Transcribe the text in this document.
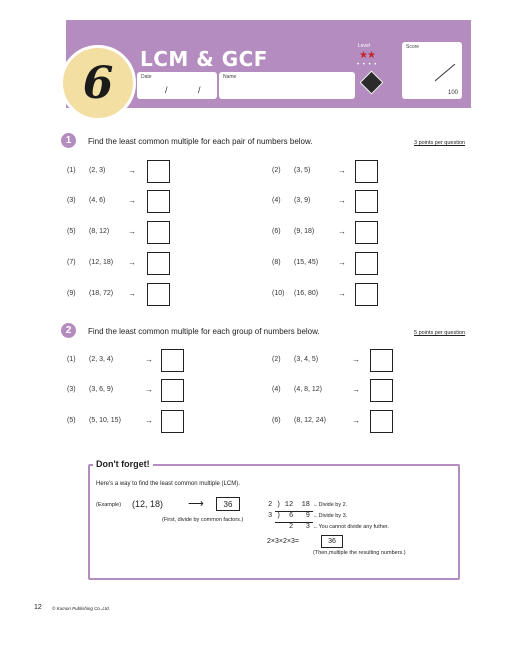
6 LCM & GCF
Date
/ /
Name
Level
★★
• • • •
Score
100
1	Find the least common multiple for each pair of numbers below.	3 points per question
(1) (2, 3)	→	(2) (3, 5)	→
(3) (4, 6)	→	(4) (3, 9)	→
(5) (8, 12) →	(6) (9, 18)	→
(7) (12, 18) →	(8) (15, 45) →
(9) (18, 72) →	(10) (16, 80) →
2	Find the least common multiple for each group of numbers below.	5 points per question
(1) (2, 3, 4)	→	(2) (3, 4, 5)	→
(3) (3, 6, 9)	→	(4) (4, 8, 12)	→
(5) (5, 10, 15)	→	(6) (8, 12, 24)	→
Don't forget!
Here's a way to find the least common multiple (LCM).
(Example) (12, 18) ⟶	36
(First, divide by common factors.)
2 ) 12  18
3 )  6   9
2   3
←Divide by 2.
←Divide by 3.
←You cannot divide any futher.
2×3×2×3=	36
(Then,multiple the resulting numbers.)
12 © Kumon Publishing Co.,Ltd.
